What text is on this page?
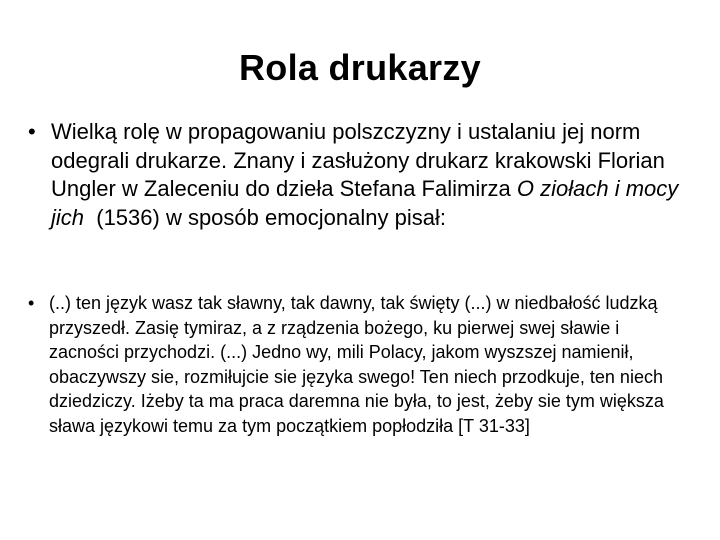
Rola drukarzy
• Wielką rolę w propagowaniu polszczyzny i ustalaniu jej norm odegrali drukarze. Znany i zasłużony drukarz krakowski Florian Ungler w Zaleceniu do dzieła Stefana Falimirza O ziołach i mocy jich  (1536) w sposób emocjonalny pisał:
• (..) ten język wasz tak sławny, tak dawny, tak święty (...) w niedbałość ludzką przyszedł. Zasię tymiraz, a z rządzenia bożego, ku pierwej swej sławie i zacności przychodzi. (...) Jedno wy, mili Polacy, jakom wyszszej namienił, obaczywszy sie, rozmiłujcie sie języka swego! Ten niech przodkuje, ten niech dziedziczy. Iżeby ta ma praca daremna nie była, to jest, żeby sie tym większa sława językowi temu za tym początkiem popłodziła [T 31-33]
